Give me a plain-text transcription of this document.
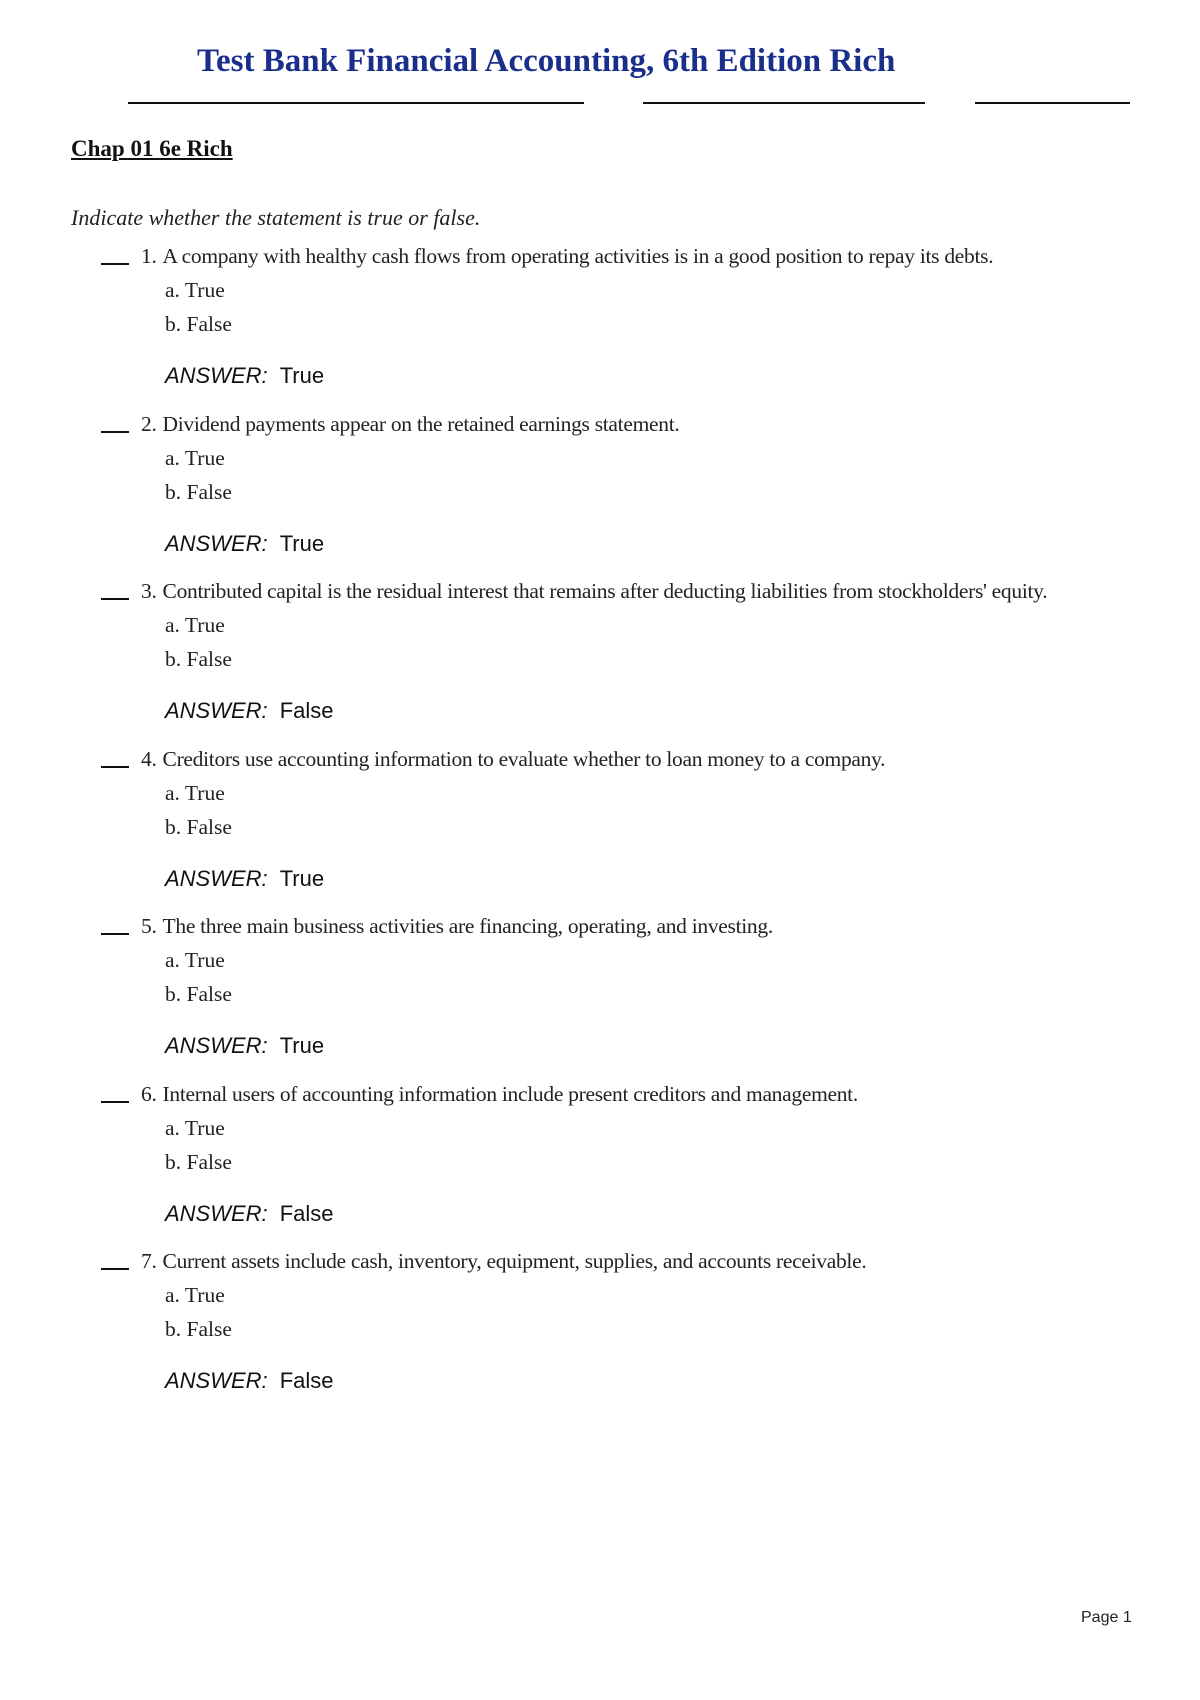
Test Bank Financial Accounting, 6th Edition Rich
Chap 01 6e Rich
Indicate whether the statement is true or false.
1. A company with healthy cash flows from operating activities is in a good position to repay its debts.
a. True
b. False
ANSWER: True
2. Dividend payments appear on the retained earnings statement.
a. True
b. False
ANSWER: True
3. Contributed capital is the residual interest that remains after deducting liabilities from stockholders' equity.
a. True
b. False
ANSWER: False
4. Creditors use accounting information to evaluate whether to loan money to a company.
a. True
b. False
ANSWER: True
5. The three main business activities are financing, operating, and investing.
a. True
b. False
ANSWER: True
6. Internal users of accounting information include present creditors and management.
a. True
b. False
ANSWER: False
7. Current assets include cash, inventory, equipment, supplies, and accounts receivable.
a. True
b. False
ANSWER: False
Page 1
